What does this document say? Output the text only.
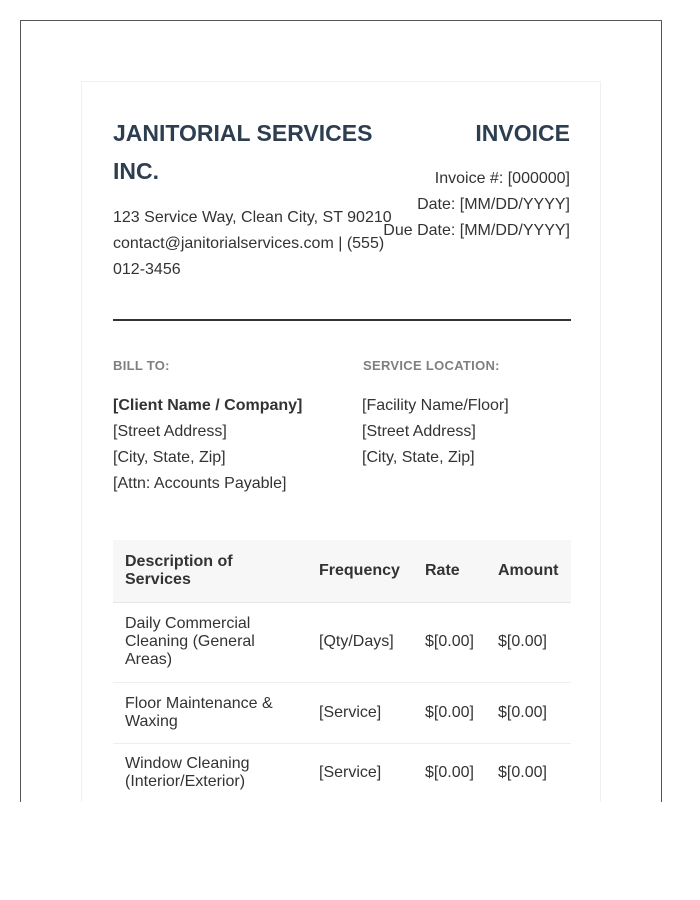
JANITORIAL SERVICES INC.
123 Service Way, Clean City, ST 90210
contact@janitorialservices.com | (555) 012-3456
INVOICE
Invoice #: [000000]
Date: [MM/DD/YYYY]
Due Date: [MM/DD/YYYY]
BILL TO:	SERVICE LOCATION:
[Client Name / Company]
[Street Address]
[City, State, Zip]
[Attn: Accounts Payable]
[Facility Name/Floor]
[Street Address]
[City, State, Zip]
Description of Services	Frequency	Rate	Amount
Daily Commercial Cleaning (General Areas)	[Qty/Days]	$[0.00]	$[0.00]
Floor Maintenance & Waxing	[Service]	$[0.00]	$[0.00]
Window Cleaning (Interior/Exterior)	[Service]	$[0.00]	$[0.00]
